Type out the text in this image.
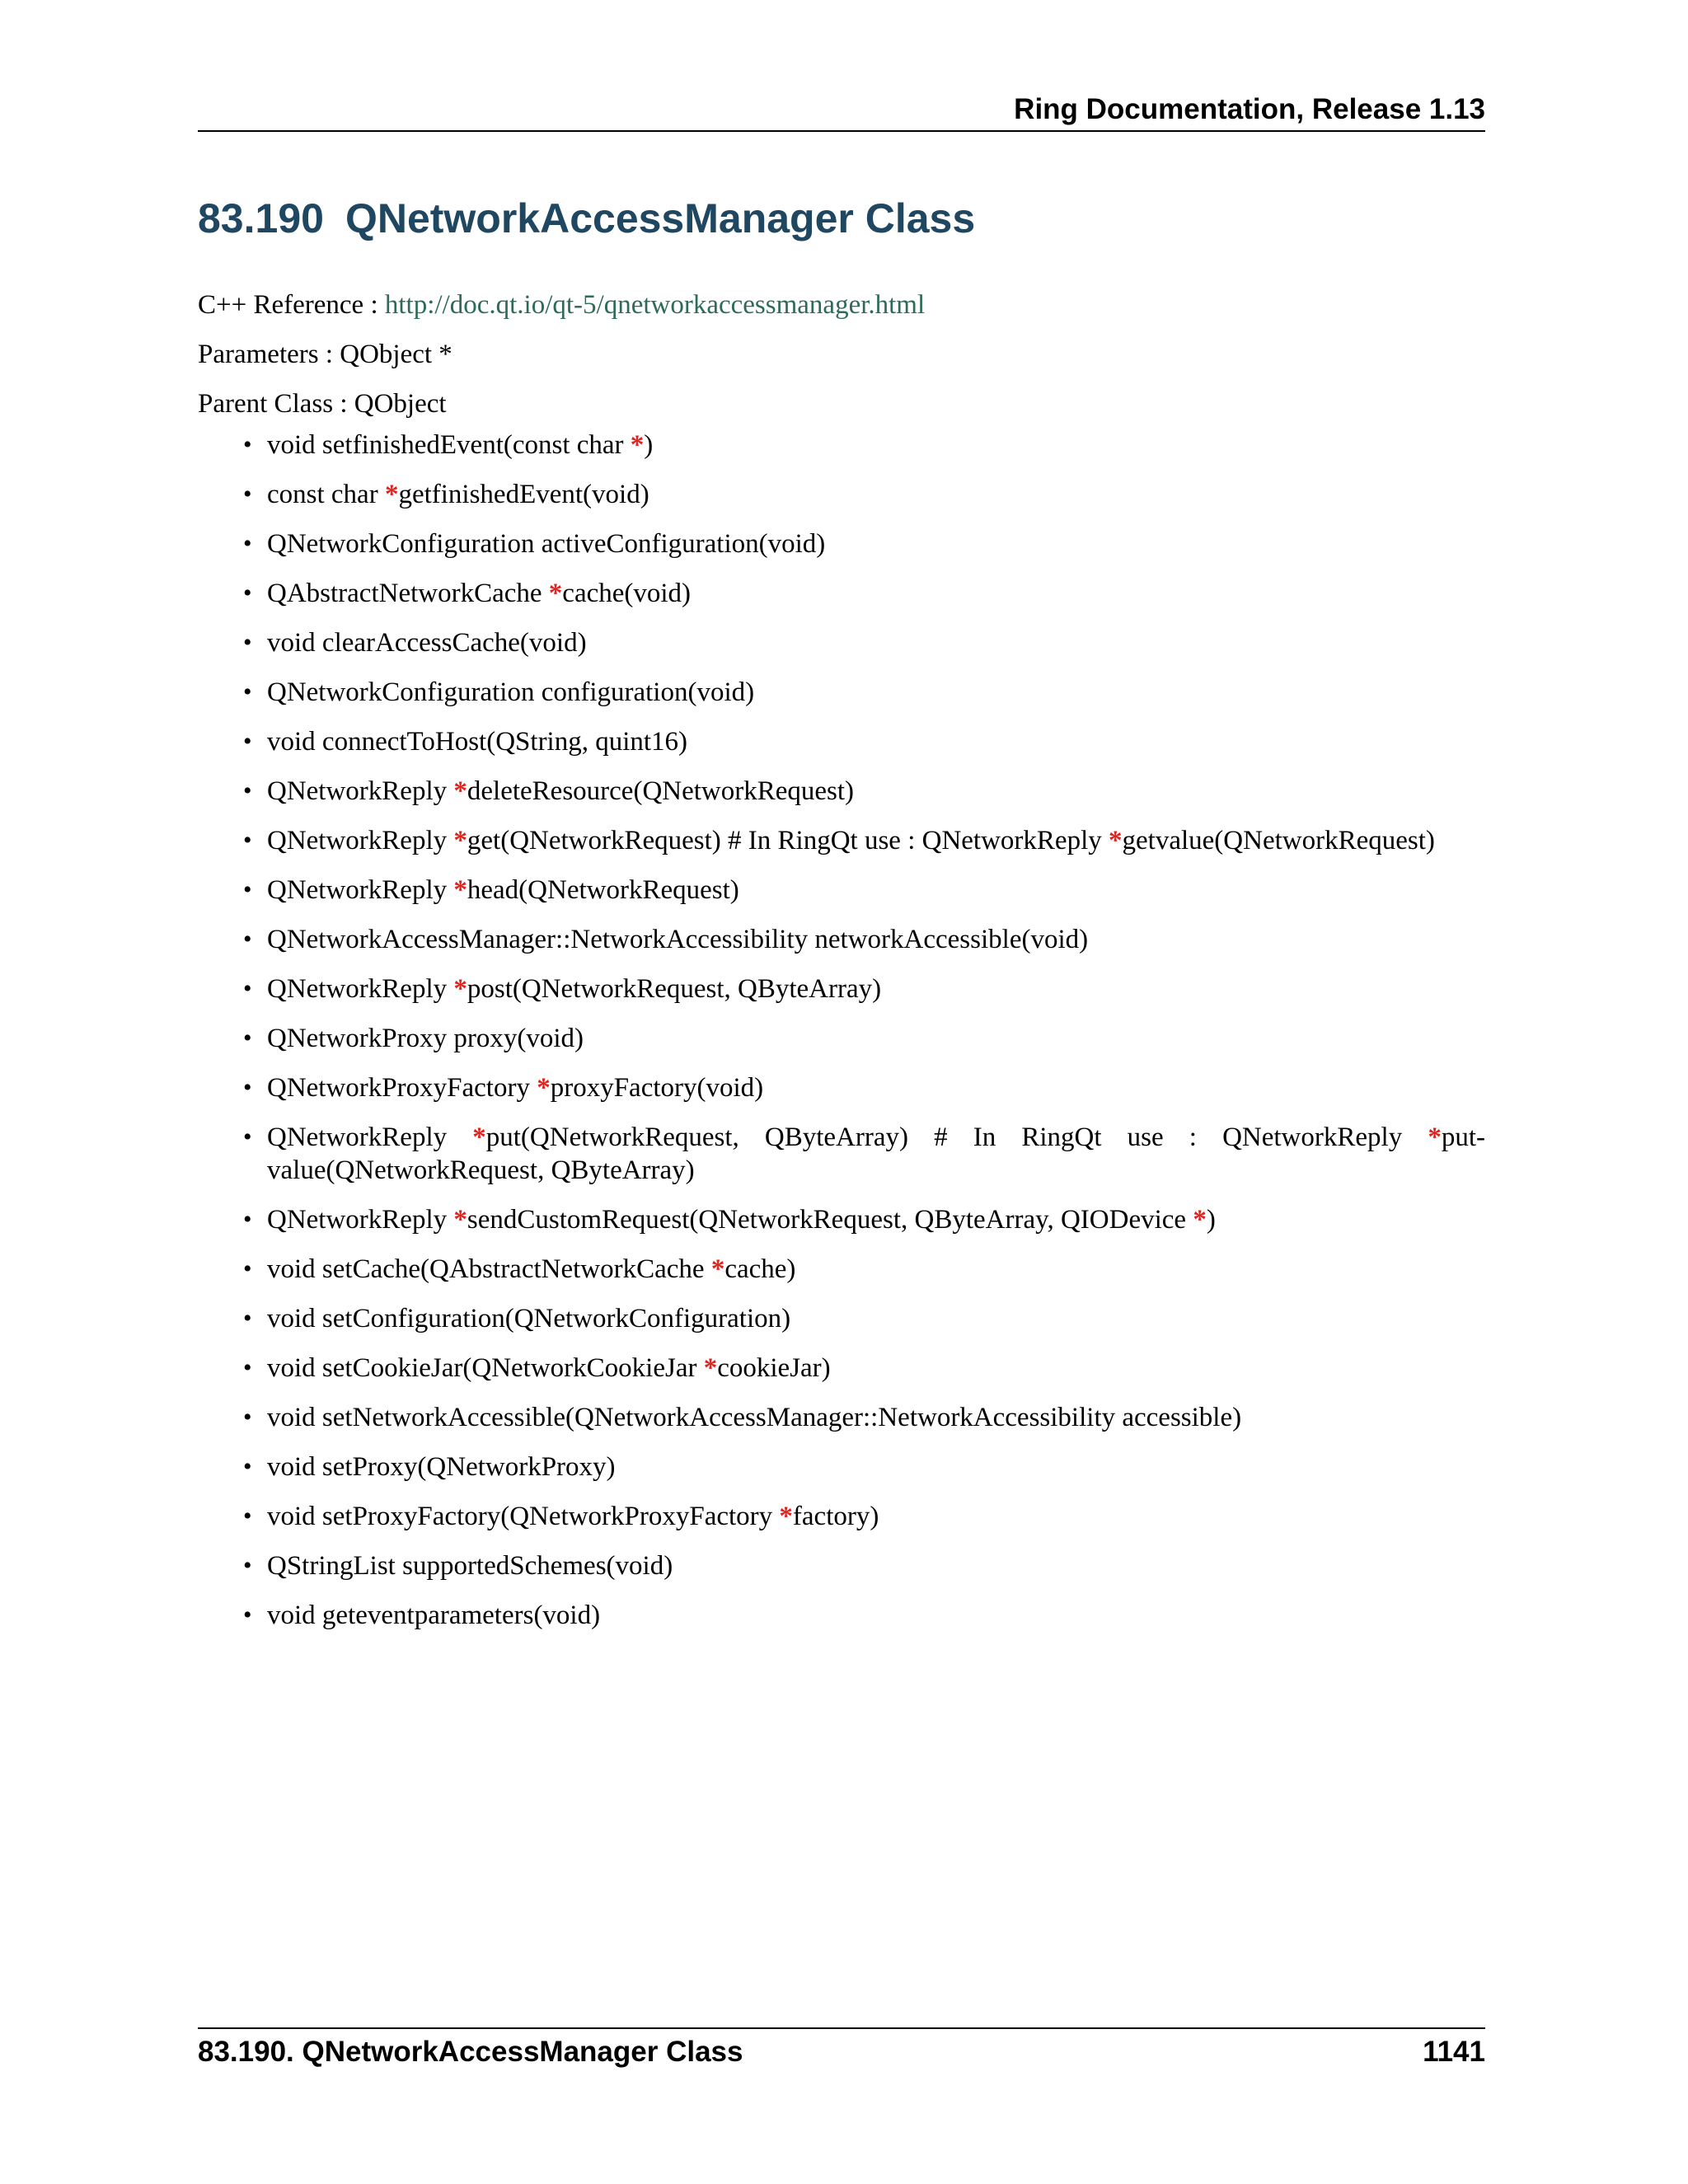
Ring Documentation, Release 1.13
83.190 QNetworkAccessManager Class

C++ Reference : http://doc.qt.io/qt-5/qnetworkaccessmanager.html

Parameters : QObject *

Parent Class : QObject

• void setfinishedEvent(const char *)
• const char *getfinishedEvent(void)
• QNetworkConfiguration activeConfiguration(void)
• QAbstractNetworkCache *cache(void)
• void clearAccessCache(void)
• QNetworkConfiguration configuration(void)
• void connectToHost(QString, quint16)
• QNetworkReply *deleteResource(QNetworkRequest)
• QNetworkReply *get(QNetworkRequest) # In RingQt use : QNetworkReply *getvalue(QNetworkRequest)
• QNetworkReply *head(QNetworkRequest)
• QNetworkAccessManager::NetworkAccessibility networkAccessible(void)
• QNetworkReply *post(QNetworkRequest, QByteArray)
• QNetworkProxy proxy(void)
• QNetworkProxyFactory *proxyFactory(void)
• QNetworkReply *put(QNetworkRequest, QByteArray) # In RingQt use : QNetworkReply *put-value(QNetworkRequest, QByteArray)
• QNetworkReply *sendCustomRequest(QNetworkRequest, QByteArray, QIODevice *)
• void setCache(QAbstractNetworkCache *cache)
• void setConfiguration(QNetworkConfiguration)
• void setCookieJar(QNetworkCookieJar *cookieJar)
• void setNetworkAccessible(QNetworkAccessManager::NetworkAccessibility accessible)
• void setProxy(QNetworkProxy)
• void setProxyFactory(QNetworkProxyFactory *factory)
• QStringList supportedSchemes(void)
• void geteventparameters(void)
83.190. QNetworkAccessManager Class	1141
